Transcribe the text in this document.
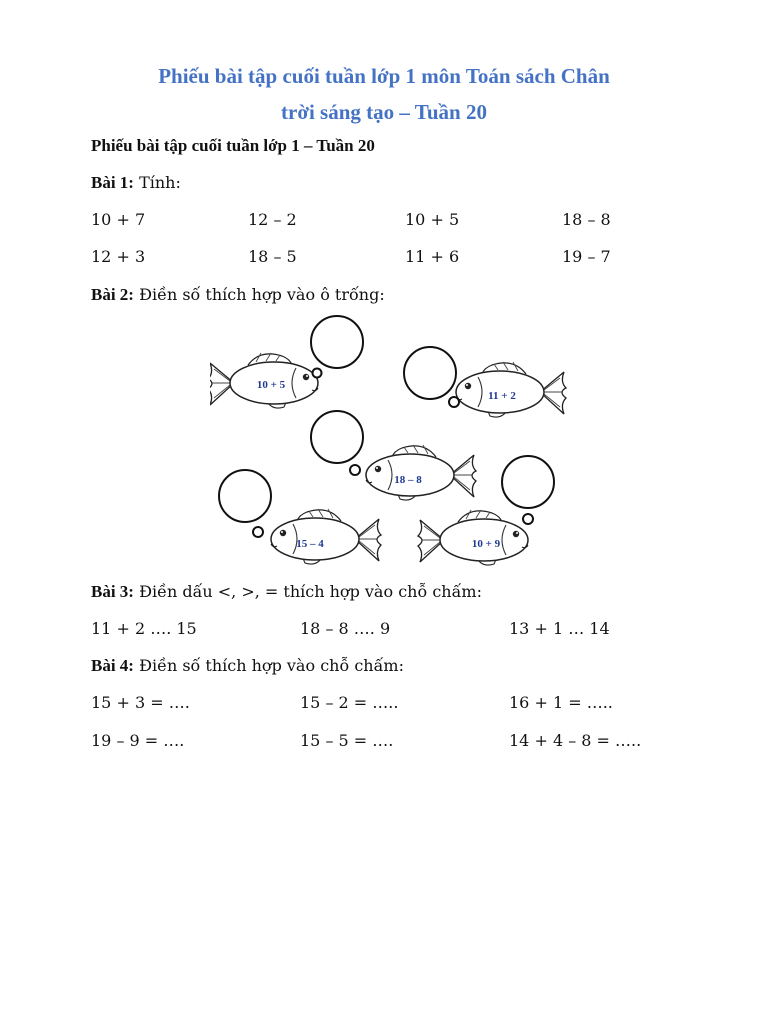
Phiếu bài tập cuối tuần lớp 1 môn Toán sách Chân
trời sáng tạo – Tuần 20
Phiếu bài tập cuối tuần lớp 1 – Tuần 20
Bài 1: Tính:
10 + 7	12 – 2	10 + 5	18 – 8
12 + 3	18 – 5	11 + 6	19 – 7
Bài 2: Điền số thích hợp vào ô trống:
10 + 5
11 + 2
18 – 8
15 – 4	10 + 9
Bài 3: Điền dấu <, >, = thích hợp vào chỗ chấm:
11 + 2 …. 15	18 – 8 …. 9	13 + 1 … 14
Bài 4: Điền số thích hợp vào chỗ chấm:
15 + 3 = ….	15 – 2 = …..	16 + 1 = …..
19 – 9 = ….	15 – 5 = ….	14 + 4 – 8 = …..
